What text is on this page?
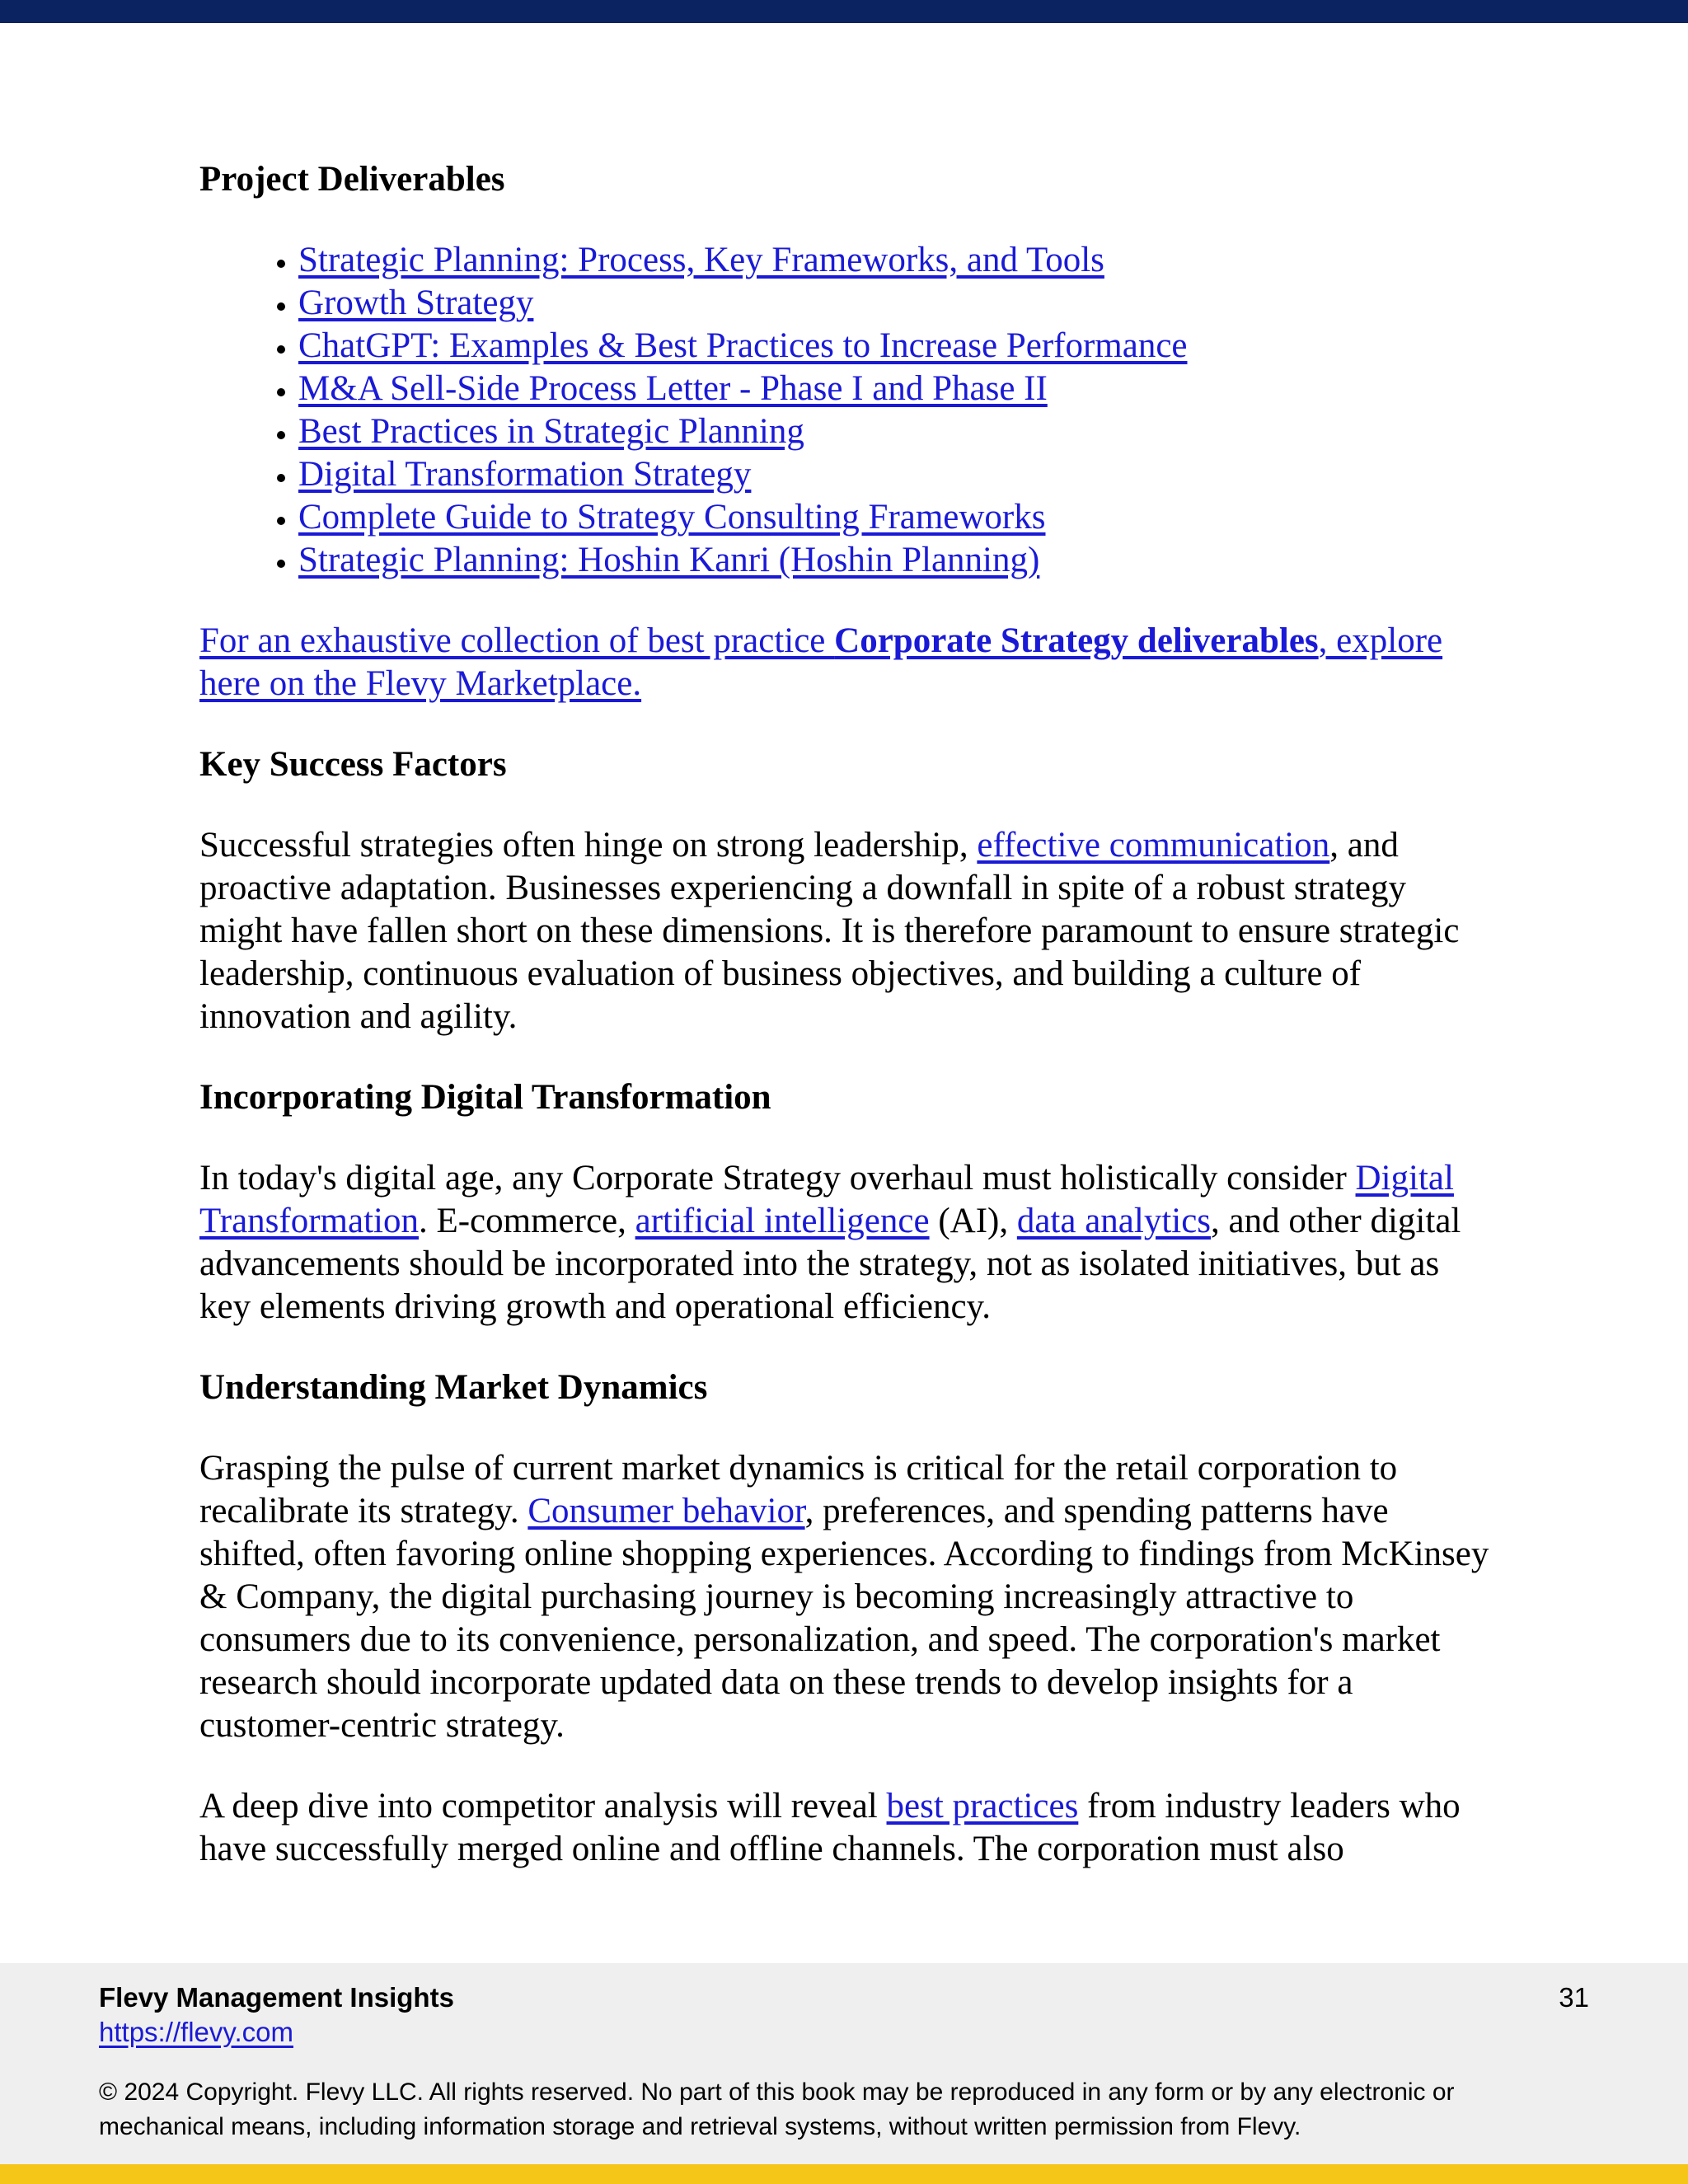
Project Deliverables
• Strategic Planning: Process, Key Frameworks, and Tools
• Growth Strategy
• ChatGPT: Examples & Best Practices to Increase Performance
• M&A Sell-Side Process Letter - Phase I and Phase II
• Best Practices in Strategic Planning
• Digital Transformation Strategy
• Complete Guide to Strategy Consulting Frameworks
• Strategic Planning: Hoshin Kanri (Hoshin Planning)

For an exhaustive collection of best practice Corporate Strategy deliverables, explore here on the Flevy Marketplace.

Key Success Factors

Successful strategies often hinge on strong leadership, effective communication, and proactive adaptation. Businesses experiencing a downfall in spite of a robust strategy might have fallen short on these dimensions. It is therefore paramount to ensure strategic leadership, continuous evaluation of business objectives, and building a culture of innovation and agility.

Incorporating Digital Transformation

In today's digital age, any Corporate Strategy overhaul must holistically consider Digital Transformation. E-commerce, artificial intelligence (AI), data analytics, and other digital advancements should be incorporated into the strategy, not as isolated initiatives, but as key elements driving growth and operational efficiency.

Understanding Market Dynamics

Grasping the pulse of current market dynamics is critical for the retail corporation to recalibrate its strategy. Consumer behavior, preferences, and spending patterns have shifted, often favoring online shopping experiences. According to findings from McKinsey & Company, the digital purchasing journey is becoming increasingly attractive to consumers due to its convenience, personalization, and speed. The corporation's market research should incorporate updated data on these trends to develop insights for a customer-centric strategy.

A deep dive into competitor analysis will reveal best practices from industry leaders who have successfully merged online and offline channels. The corporation must also

Flevy Management Insights
https://flevy.com
31
© 2024 Copyright. Flevy LLC. All rights reserved. No part of this book may be reproduced in any form or by any electronic or mechanical means, including information storage and retrieval systems, without written permission from Flevy.
